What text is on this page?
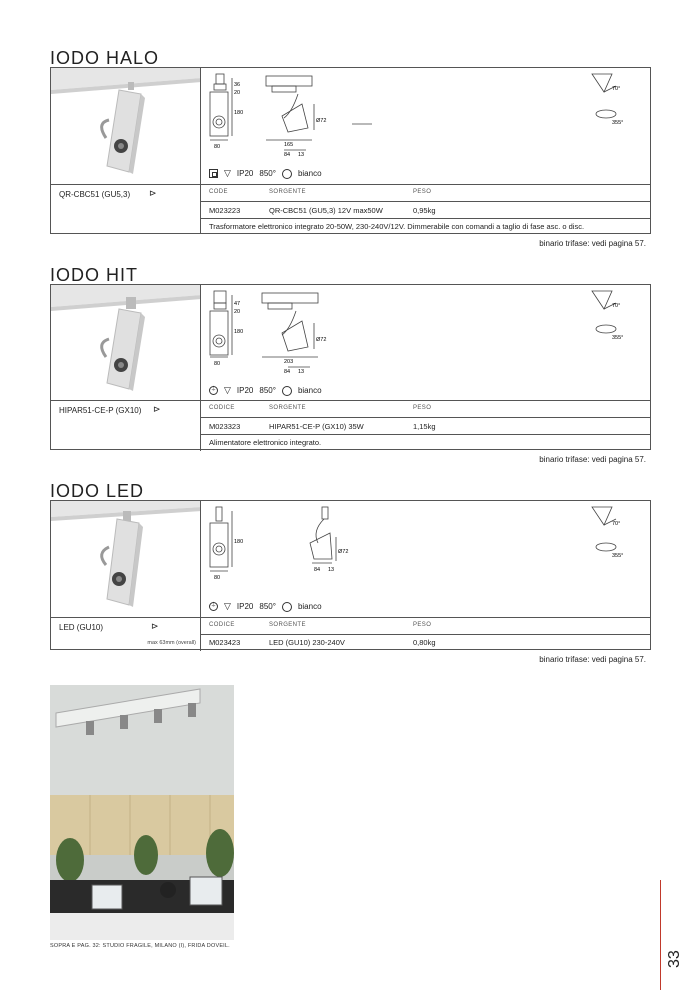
IODO HALO
36
20
180
80	165
84 13
Ø72
70°
355°
▽ IP20 850°	bianco
QR-CBC51 (GU5,3) ⊳	CODE	SORGENTE	PESO
M023223	QR-CBC51 (GU5,3) 12V max50W	0,95kg
Trasformatore elettronico integrato 20-50W, 230-240V/12V. Dimmerabile con comandi a taglio di fase asc. o disc.
binario trifase: vedi pagina 57.
IODO HIT
47
20
180
80	203
84 13
Ø72
70°
355°
⏚ ▽ IP20 850°	bianco
HIPAR51-CE-P (GX10) ⊳	CODICE	SORGENTE	PESO
M023323	HIPAR51-CE-P (GX10) 35W	1,15kg
Alimentatore elettronico integrato.
binario trifase: vedi pagina 57.
IODO LED
180
80
84 13
Ø72
70°
355°
⏚ ▽ IP20 850°	bianco
LED (GU10)	⊳
max 63mm (overall)
CODICE	SORGENTE	PESO
M023423	LED (GU10) 230-240V	0,80kg
binario trifase: vedi pagina 57.
SOPRA E PAG. 32: STUDIO FRAGILE, MILANO (I), FRIDA DOVEIL.
33
